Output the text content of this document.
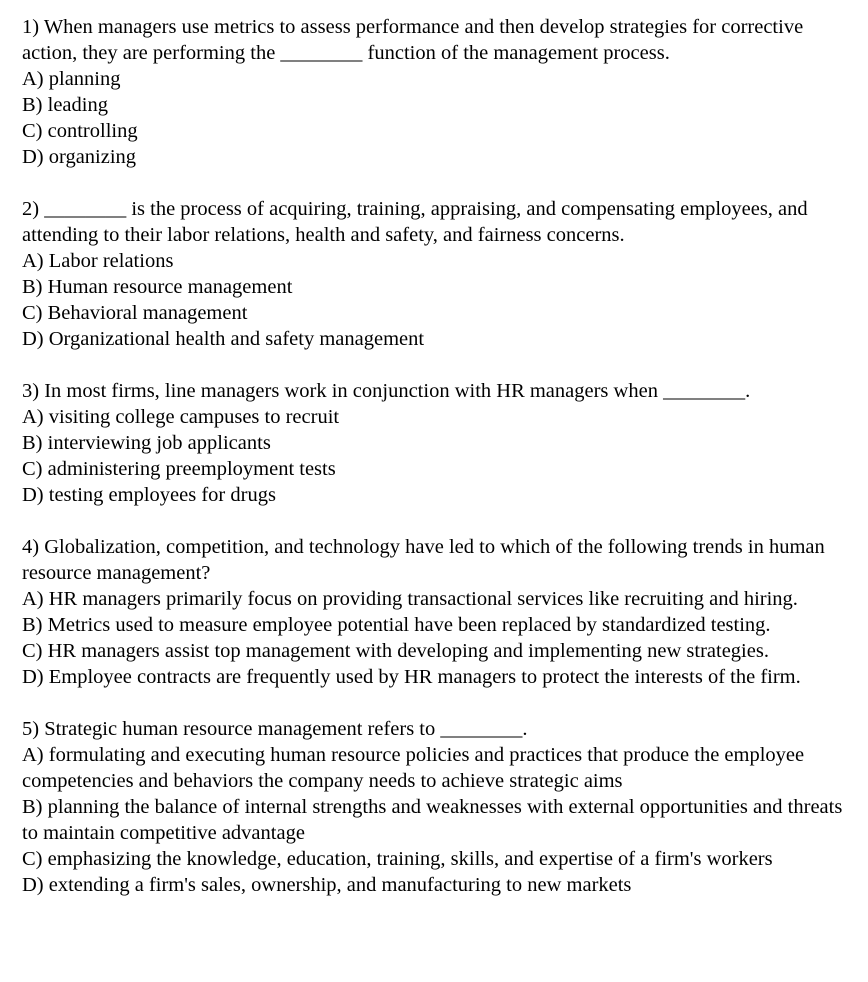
1) When managers use metrics to assess performance and then develop strategies for corrective action, they are performing the ________ function of the management process.
A) planning
B) leading
C) controlling
D) organizing
2) ________ is the process of acquiring, training, appraising, and compensating employees, and attending to their labor relations, health and safety, and fairness concerns.
A) Labor relations
B) Human resource management
C) Behavioral management
D) Organizational health and safety management
3) In most firms, line managers work in conjunction with HR managers when ________.
A) visiting college campuses to recruit
B) interviewing job applicants
C) administering preemployment tests
D) testing employees for drugs
4) Globalization, competition, and technology have led to which of the following trends in human resource management?
A) HR managers primarily focus on providing transactional services like recruiting and hiring.
B) Metrics used to measure employee potential have been replaced by standardized testing.
C) HR managers assist top management with developing and implementing new strategies.
D) Employee contracts are frequently used by HR managers to protect the interests of the firm.
5) Strategic human resource management refers to ________.
A) formulating and executing human resource policies and practices that produce the employee competencies and behaviors the company needs to achieve strategic aims
B) planning the balance of internal strengths and weaknesses with external opportunities and threats to maintain competitive advantage
C) emphasizing the knowledge, education, training, skills, and expertise of a firm's workers
D) extending a firm's sales, ownership, and manufacturing to new markets
